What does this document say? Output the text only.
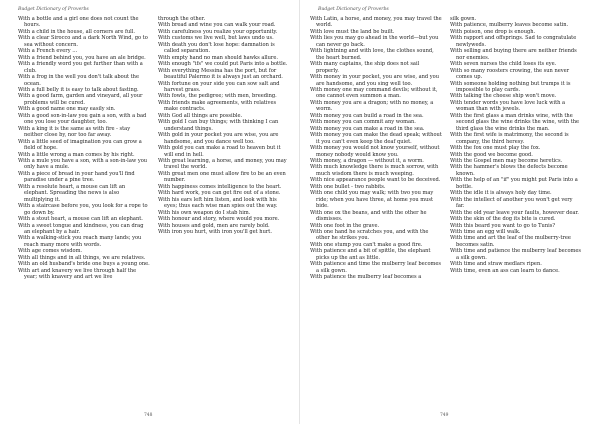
Budget Dictionary of Proverbs

With a bottle and a girl one does not count the hours.

With a child in the house, all corners are full.

With a clear Sirocco and a dark North Wind, go to sea without concern.

With a French every …

With a friend behind you, you have an ale bridge.

With a friendly word you get further than with a club.

With a frog in the well you don't talk about the ocean.

With a full belly it is easy to talk about fasting.

With a good farm, garden and vineyard, all your problems will be cured.

With a good name one may easily sin.

With a good son-in-law you gain a son, with a bad one you lose your daughter, too.

With a king it is the same as with fire - stay neither close by, nor too far away.

With a little seed of imagination you can grow a field of hope.

With a little wrong a man comes by his right.

With a mule you have a son, with a son-in-law you only have a mule.

With a piece of bread in your hand you'll find paradise under a pine tree.

With a resolute heart, a mouse can lift an elephant. Spreading the news is also multiplying it.

With a staircase before you, you look for a rope to go down by.

With a stout heart, a mouse can lift an elephant.

With a sweet tongue and kindness, you can drag an elephant by a hair.

With a walking-stick you reach many lands; you reach many more with words.

With age comes wisdom.

With all things and in all things, we are relatives.

With an old husband's bride one buys a young one.

With art and knavery we live through half the year; with knavery and art we live

through the other.

With bread and wine you can walk your road.

With carefulness you realize your opportunity.

With customs we live well, but laws undo us.

With death you don't lose hope: damnation is called separation.

With empty hand no man should hawks allure.

With enough "ifs" we could put Paris into a bottle.

With everything Messina has the port, but for beautiful Palermo it is always just an orchard.

With fortune on your side you can sow salt and harvest grass.

With fowls, the pedigree; with men, breeding.

With friends make agreements, with relatives make contracts.

With God all things are possible.

With gold I can buy things; with thinking I can understand things.

With gold in your pocket you are wise, you are handsome, and you dance well too.

With gold you can make a road to heaven but it will end in hell.

With great learning, a horse, and money, you may travel the world.

With great men one must allow fire to be an even number.

With happiness comes intelligence to the heart.

With hard work, you can get fire out of a stone.

With his ears left him listen, and look with his eyes; thus each wise man spies out the way.

With his own weapon do I stab him.

With honour and story, where would you more.

With houses and gold, men are rarely bold.

With iron you hurt, with iron you'll get hurt.

748
Budget Dictionary of Proverbs

With Latin, a horse, and money, you may travel the world.

With love must the land be built.

With lies you may go ahead in the world—but you can never go back.

With lightning and with love, the clothes sound, the heart burned.

With many captains, the ship does not sail properly.

With money in your pocket, you are wise, and you are handsome, and you sing well too.

With money one may command devils; without it, one cannot even summon a man.

With money you are a dragon; with no money, a worm.

With money you can build a road in the sea.

With money you can commit any woman.

With money you can make a road in the sea.

With money you can make the dead speak; without it you can't even keep the deaf quiet.

With money you would not know yourself, without money nobody would know you.

With money, a dragon — without it, a worm.

With much knowledge there is much sorrow, with much wisdom there is much weeping.

With nice appearance people want to be deceived.

With one bullet - two rabbits.

With one child you may walk; with two you may ride; when you have three, at home you must bide.

With one ox the beans, and with the other he dismisses.

With one foot in the grave.

With one hand he scratches you, and with the other he strikes you.

With one stump you can't make a good fire.

With patience and a bit of spittle, the elephant picks up the ant as little.

With patience and time the mulberry leaf becomes a silk gown.

With patience the mulberry leaf becomes a

silk gown.

With patience, mulberry leaves become satin.

With poison, one drop is enough.

With rapport and offsprings. Sad to congratulate newlyweds.

With selling and buying there are neither friends nor enemies.

With seven nurses the child loses its eye.

With so many roosters crowing, the sun never comes up.

With someone holding nothing but trumps it is impossible to play cards.

With talking the cheese ship won't move.

With tender words you have love luck with a woman than with jewels.

With the first glass a man drinks wine, with the second glass the wine drinks the wine, with the third glass the wine drinks the man.

With the first wife is matrimony, the second is company, the third heresy.

With the fox one must play the fox.

With the good we become good.

With the Gospel men may become heretics.

With the hammer's blows the defects become known.

With the help of an "if" you might put Paris into a bottle.

With the idle it is always holy day time.

With the intellect of another you won't get very far.

With the old year leave your faults, however dear.

With the skin of the dog its bite is cured.

With this beard you want to go to Tunis?

With time an egg will walk.

With time and art the leaf of the mulberry-tree becomes satin.

With time and patience the mulberry leaf becomes a silk gown.

With time and straw medlars ripen.

With time, even an ass can learn to dance.

749
